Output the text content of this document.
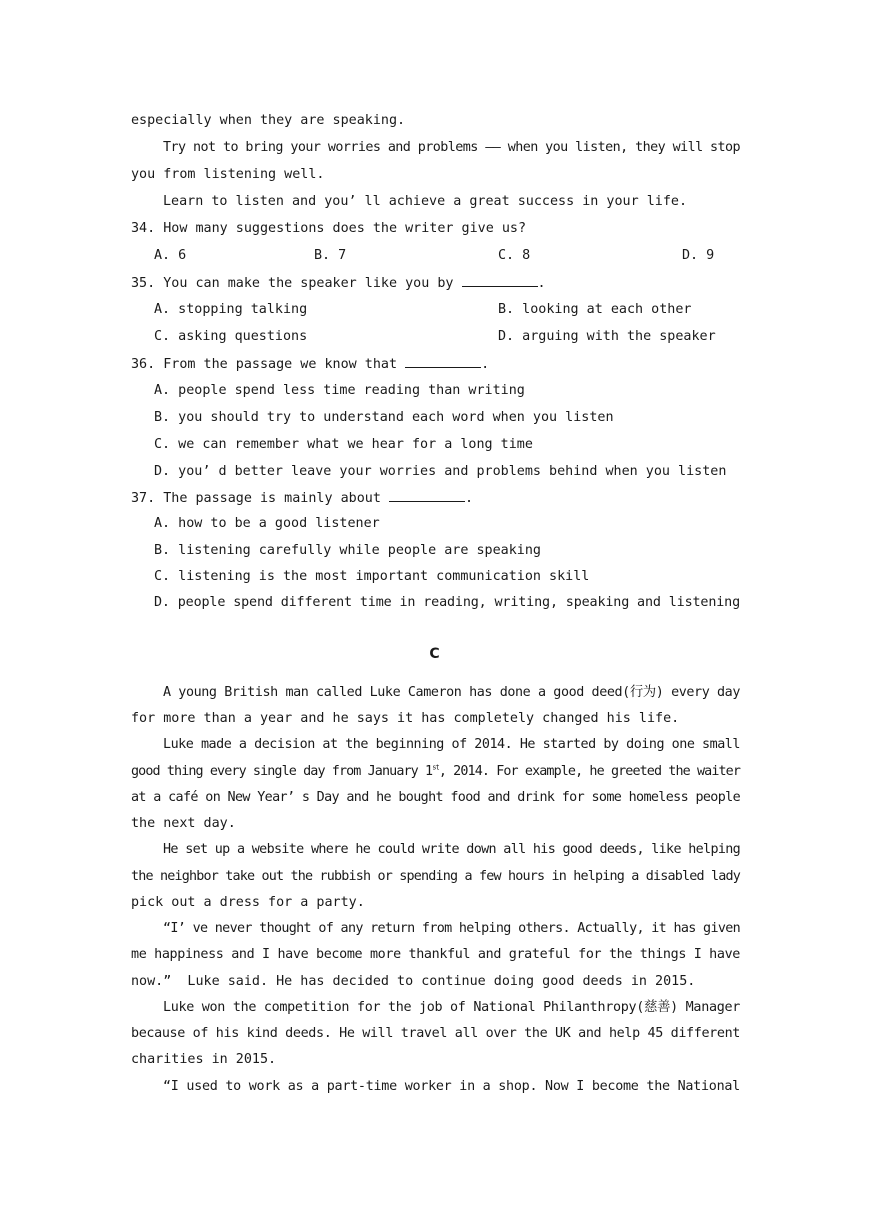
especially when they are speaking.
Try not to bring your worries and problems —— when you listen, they will stop
you from listening well.
Learn to listen and you’ ll achieve a great success in your life.
34. How many suggestions does the writer give us?
A. 6	B. 7	C. 8	D. 9
35. You can make the speaker like you by	.
A. stopping talking	B. looking at each other
C. asking questions	D. arguing with the speaker
36. From the passage we know that	.
A. people spend less time reading than writing
B. you should try to understand each word when you listen
C. we can remember what we hear for a long time
D. you’ d better leave your worries and problems behind when you listen
37. The passage is mainly about	.
A. how to be a good listener
B. listening carefully while people are speaking
C. listening is the most important communication skill
D. people spend different time in reading, writing, speaking and listening
C
A young British man called Luke Cameron has done a good deed(行为) every day
for more than a year and he says it has completely changed his life.
Luke made a decision at the beginning of 2014. He started by doing one small
good thing every single day from January 1st, 2014. For example, he greeted the waiter
at a café on New Year’ s Day and he bought food and drink for some homeless people
the next day.
He set up a website where he could write down all his good deeds, like helping
the neighbor take out the rubbish or spending a few hours in helping a disabled lady
pick out a dress for a party.
“I’ ve never thought of any return from helping others. Actually, it has given
me happiness and I have become more thankful and grateful for the things I have
now.”  Luke said. He has decided to continue doing good deeds in 2015.
Luke won the competition for the job of National Philanthropy(慈善) Manager
because of his kind deeds. He will travel all over the UK and help 45 different
charities in 2015.
“I used to work as a part-time worker in a shop. Now I become the National
